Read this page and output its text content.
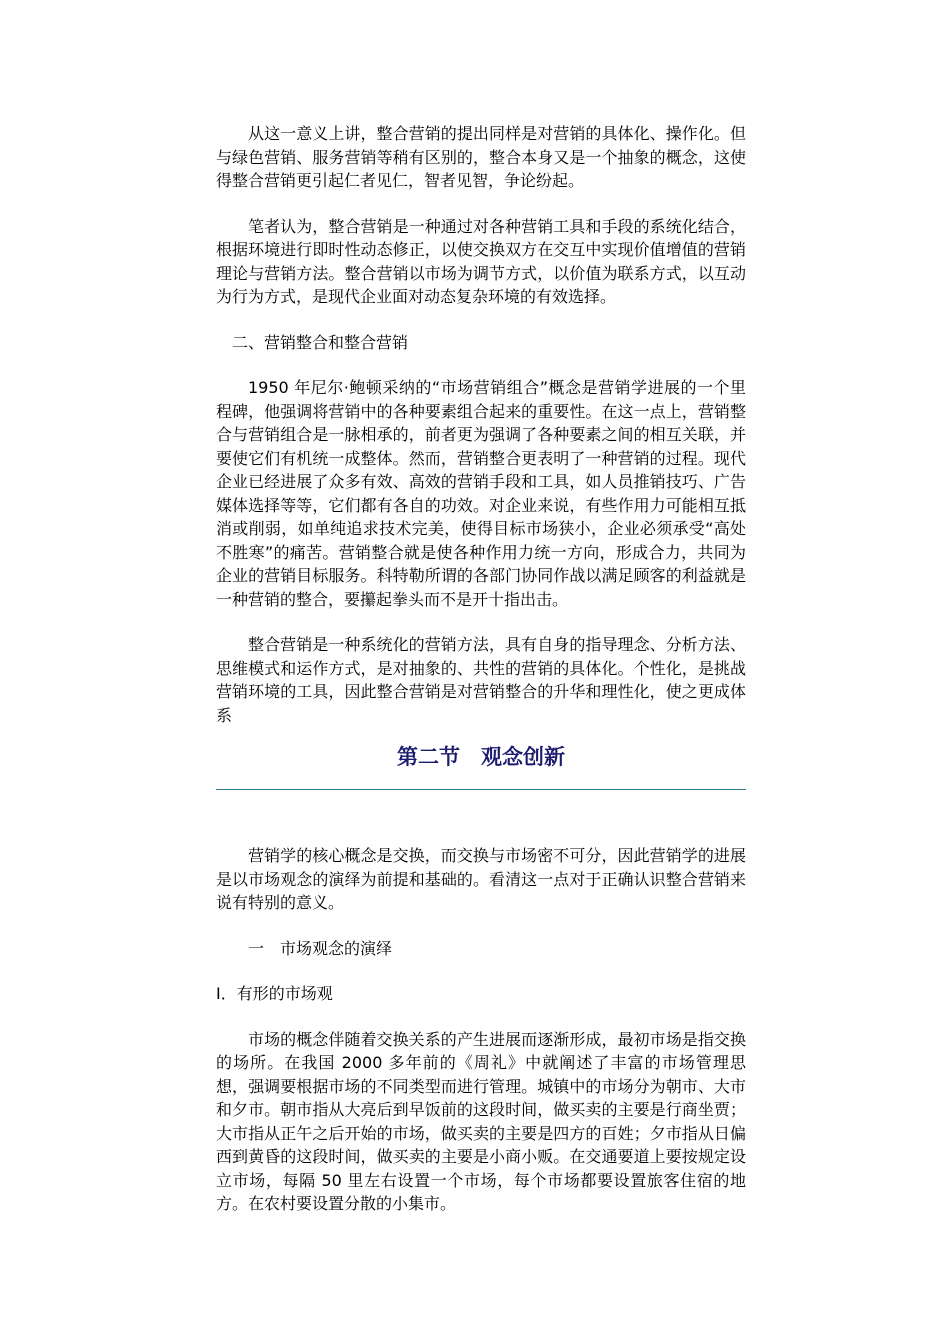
从这一意义上讲，整合营销的提出同样是对营销的具体化、操作化。但与绿色营销、服务营销等稍有区别的，整合本身又是一个抽象的概念，这使得整合营销更引起仁者见仁，智者见智，争论纷起。

笔者认为，整合营销是一种通过对各种营销工具和手段的系统化结合，根据环境进行即时性动态修正，以使交换双方在交互中实现价值增值的营销理论与营销方法。整合营销以市场为调节方式，以价值为联系方式，以互动为行为方式，是现代企业面对动态复杂环境的有效选择。

二、营销整合和整合营销

1950 年尼尔·鲍顿采纳的“市场营销组合”概念是营销学进展的一个里程碑，他强调将营销中的各种要素组合起来的重要性。在这一点上，营销整合与营销组合是一脉相承的，前者更为强调了各种要素之间的相互关联，并要使它们有机统一成整体。然而，营销整合更表明了一种营销的过程。现代企业已经进展了众多有效、高效的营销手段和工具，如人员推销技巧、广告媒体选择等等，它们都有各自的功效。对企业来说，有些作用力可能相互抵消或削弱，如单纯追求技术完美，使得目标市场狭小，企业必须承受“高处不胜寒”的痛苦。营销整合就是使各种作用力统一方向，形成合力，共同为企业的营销目标服务。科特勒所谓的各部门协同作战以满足顾客的利益就是一种营销的整合，要攥起拳头而不是开十指出击。

整合营销是一种系统化的营销方法，具有自身的指导理念、分析方法、思维模式和运作方式，是对抽象的、共性的营销的具体化。个性化，是挑战营销环境的工具，因此整合营销是对营销整合的升华和理性化，使之更成体系

第二节　观念创新

营销学的核心概念是交换，而交换与市场密不可分，因此营销学的进展是以市场观念的演绎为前提和基础的。看清这一点对于正确认识整合营销来说有特别的意义。

一　市场观念的演绎
I．有形的市场观

市场的概念伴随着交换关系的产生进展而逐渐形成，最初市场是指交换的场所。在我国 2000 多年前的《周礼》中就阐述了丰富的市场管理思想，强调要根据市场的不同类型而进行管理。城镇中的市场分为朝市、大市和夕市。朝市指从大亮后到早饭前的这段时间，做买卖的主要是行商坐贾；大市指从正午之后开始的市场，做买卖的主要是四方的百姓；夕市指从日偏西到黄昏的这段时间，做买卖的主要是小商小贩。在交通要道上要按规定设立市场，每隔 50 里左右设置一个市场，每个市场都要设置旅客住宿的地方。在农村要设置分散的小集市。
